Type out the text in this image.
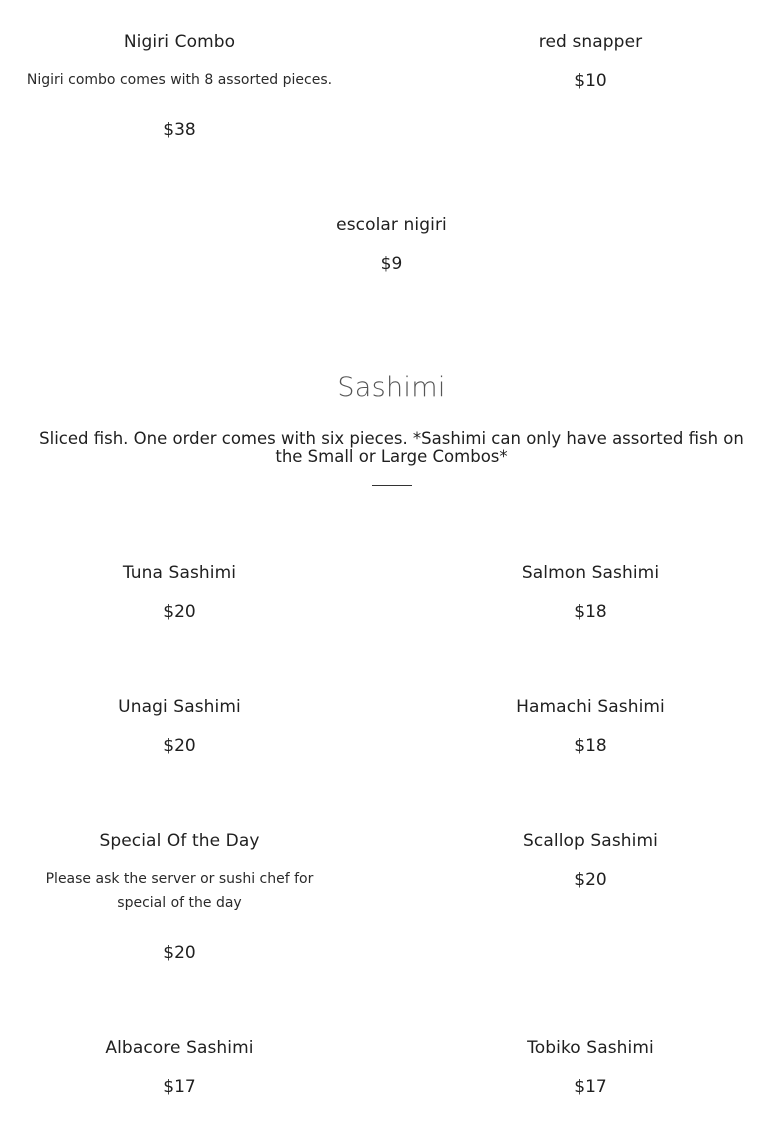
Nigiri Combo
Nigiri combo comes with 8 assorted pieces.
$38
red snapper
$10
escolar nigiri
$9
Sashimi
Sliced fish. One order comes with six pieces. *Sashimi can only have assorted fish on the Small or Large Combos*
Tuna Sashimi
$20
Salmon Sashimi
$18
Unagi Sashimi
$20
Hamachi Sashimi
$18
Special Of the Day
Please ask the server or sushi chef for special of the day
$20
Scallop Sashimi
$20
Albacore Sashimi
$17
Tobiko Sashimi
$17
